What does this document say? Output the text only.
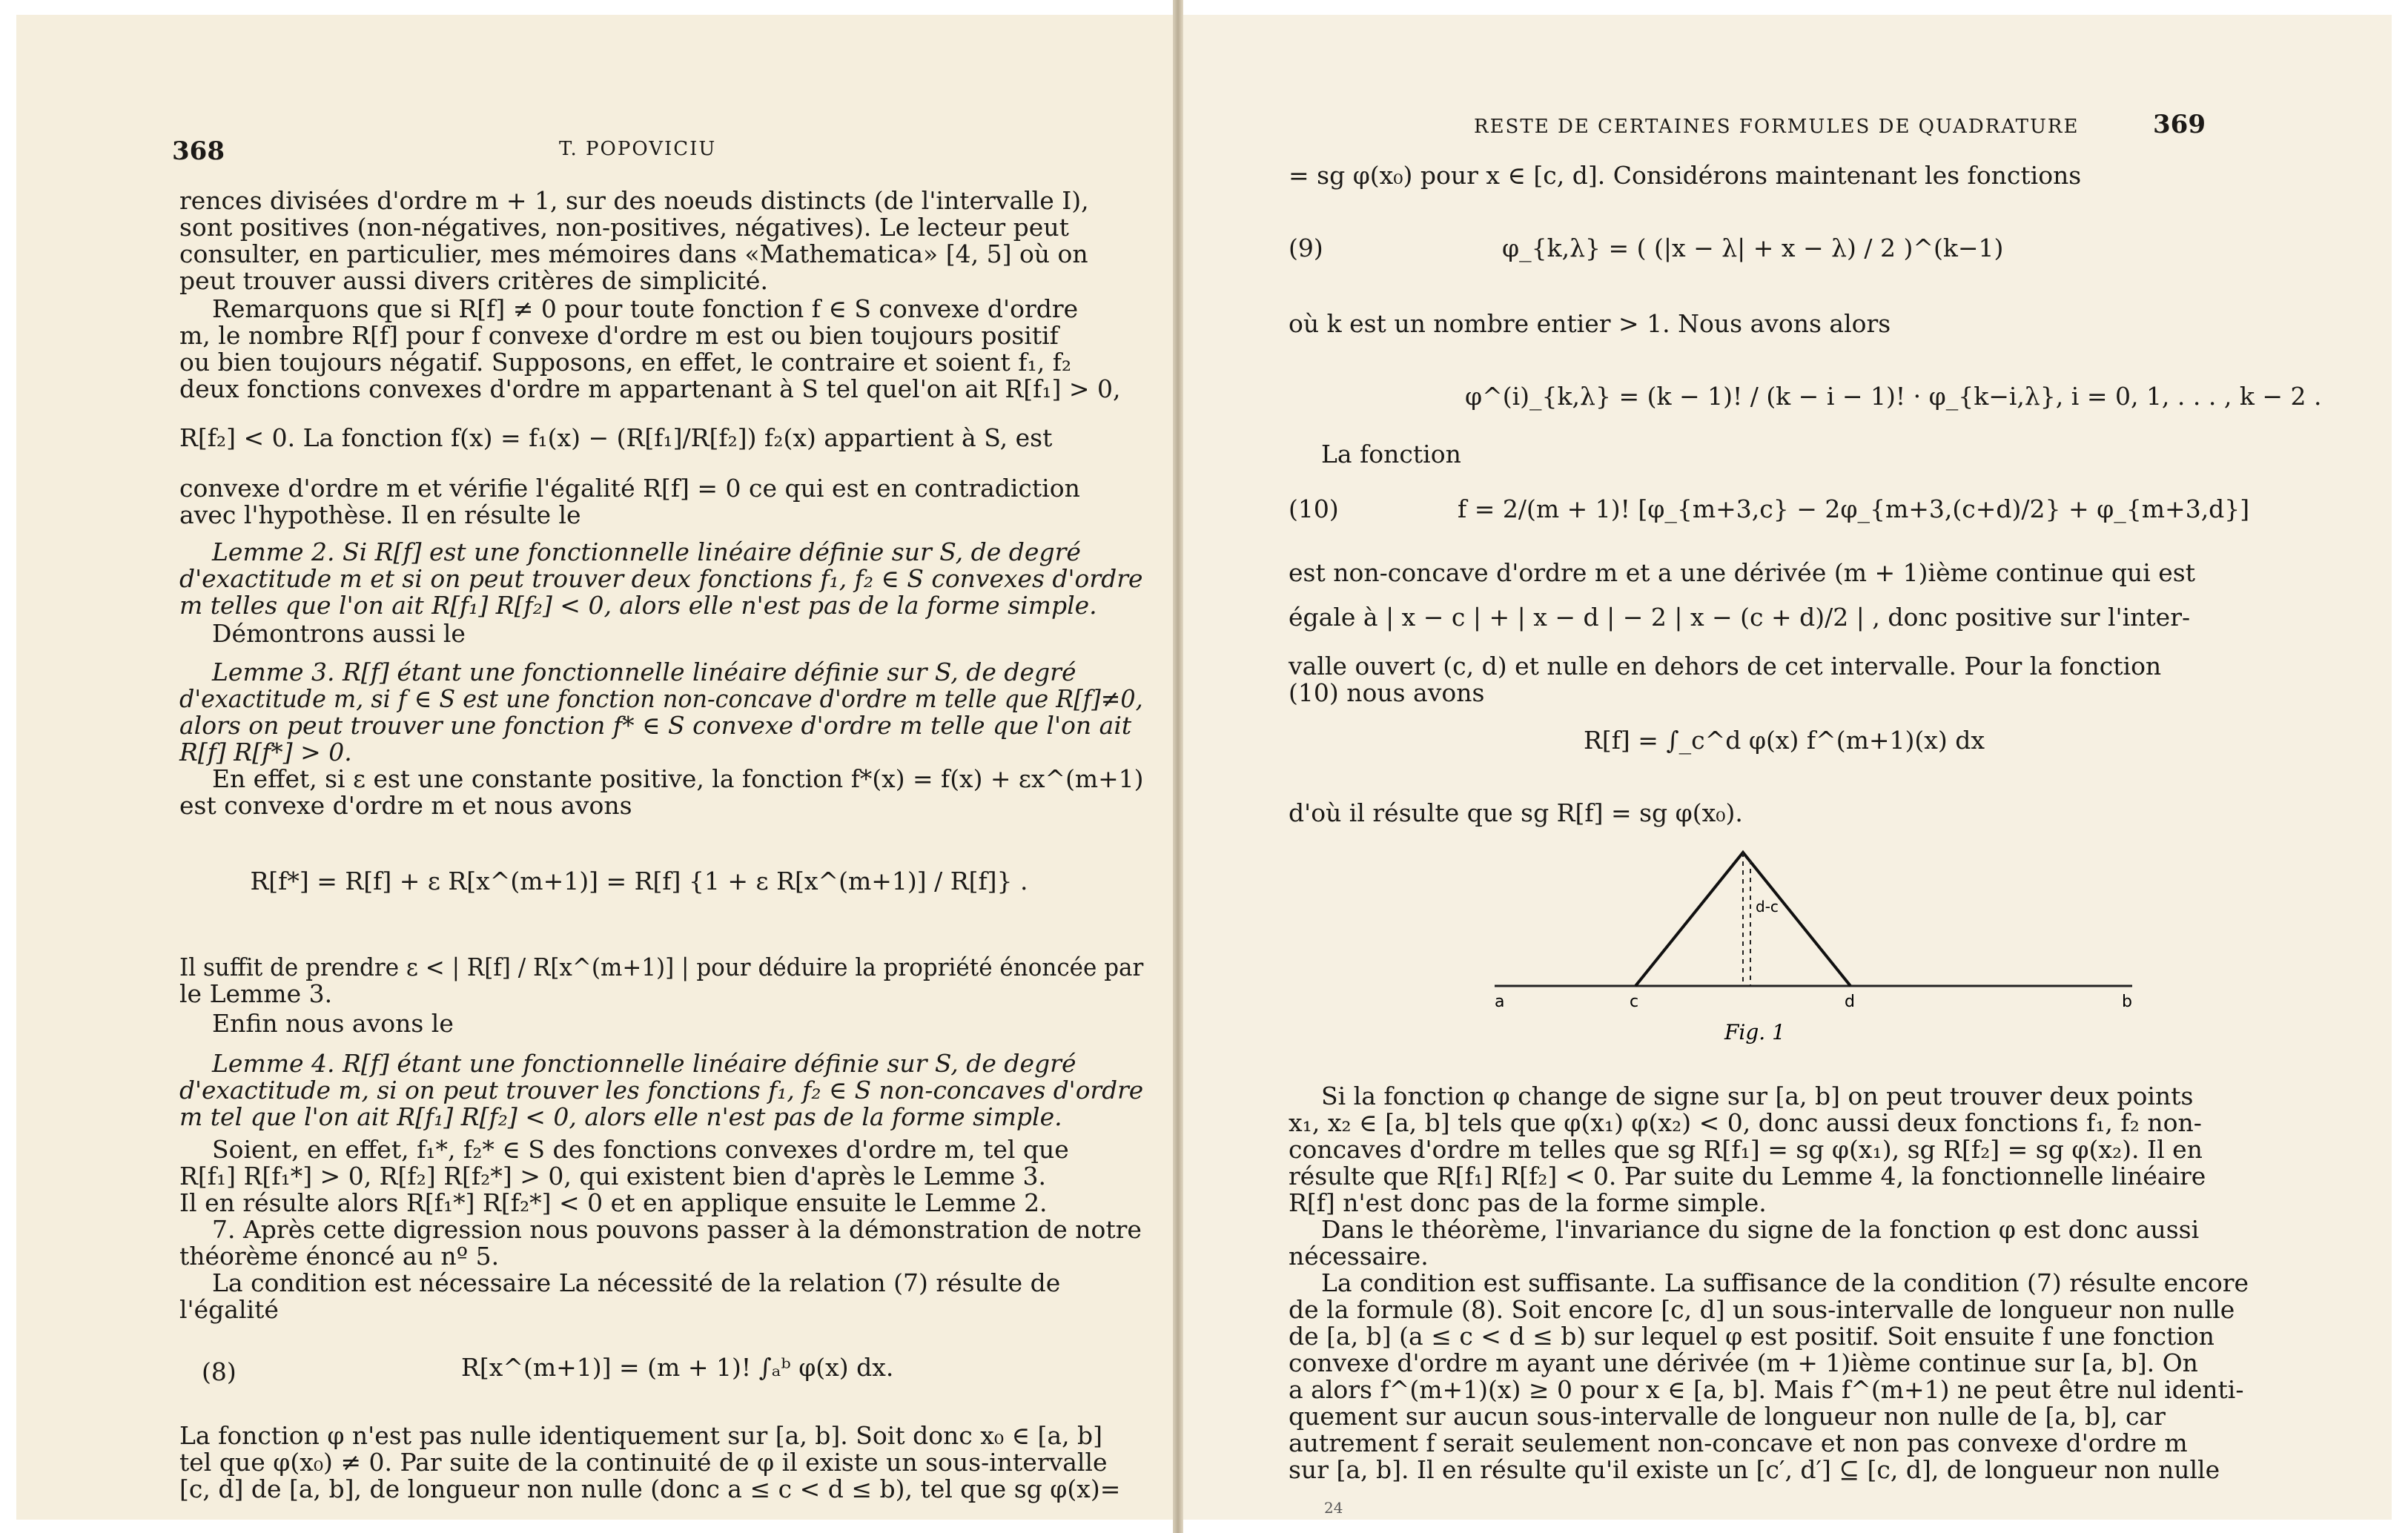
368	T. POPOVICIU
rences divisées d'ordre m + 1, sur des noeuds distincts (de l'intervalle I),
sont positives (non-négatives, non-positives, négatives). Le lecteur peut
consulter, en particulier, mes mémoires dans «Mathematica» [4, 5] où on
peut trouver aussi divers critères de simplicité.
Remarquons que si R[f] ≠ 0 pour toute fonction f ∈ S convexe d'ordre
m, le nombre R[f] pour f convexe d'ordre m est ou bien toujours positif
ou bien toujours négatif. Supposons, en effet, le contraire et soient f₁, f₂
deux fonctions convexes d'ordre m appartenant à S tel quel'on ait R[f₁] > 0,
R[f₂] < 0. La fonction f(x) = f₁(x) − (R[f₁]/R[f₂]) f₂(x) appartient à S, est
convexe d'ordre m et vérifie l'égalité R[f] = 0 ce qui est en contradiction
avec l'hypothèse. Il en résulte le
Lemme 2. Si R[f] est une fonctionnelle linéaire définie sur S, de degré
d'exactitude m et si on peut trouver deux fonctions f₁, f₂ ∈ S convexes d'ordre
m telles que l'on ait R[f₁] R[f₂] < 0, alors elle n'est pas de la forme simple.
Démontrons aussi le
Lemme 3. R[f] étant une fonctionnelle linéaire définie sur S, de degré
d'exactitude m, si f ∈ S est une fonction non-concave d'ordre m telle que R[f]≠0,
alors on peut trouver une fonction f* ∈ S convexe d'ordre m telle que l'on ait
R[f] R[f*] > 0.
En effet, si ε est une constante positive, la fonction f*(x) = f(x) + εx^(m+1)
est convexe d'ordre m et nous avons
R[f*] = R[f] + ε R[x^(m+1)] = R[f] {1 + ε R[x^(m+1)] / R[f]} .
Il suffit de prendre ε < | R[f] / R[x^(m+1)] | pour déduire la propriété énoncée par
le Lemme 3.
Enfin nous avons le
Lemme 4. R[f] étant une fonctionnelle linéaire définie sur S, de degré
d'exactitude m, si on peut trouver les fonctions f₁, f₂ ∈ S non-concaves d'ordre
m tel que l'on ait R[f₁] R[f₂] < 0, alors elle n'est pas de la forme simple.
Soient, en effet, f₁*, f₂* ∈ S des fonctions convexes d'ordre m, tel que
R[f₁] R[f₁*] > 0, R[f₂] R[f₂*] > 0, qui existent bien d'après le Lemme 3.
Il en résulte alors R[f₁*] R[f₂*] < 0 et en applique ensuite le Lemme 2.
7. Après cette digression nous pouvons passer à la démonstration de notre
théorème énoncé au nº 5.
La condition est nécessaire La nécessité de la relation (7) résulte de
l'égalité
(8)	R[x^(m+1)] = (m + 1)! ∫ₐᵇ φ(x) dx.
La fonction φ n'est pas nulle identiquement sur [a, b]. Soit donc x₀ ∈ [a, b]
tel que φ(x₀) ≠ 0. Par suite de la continuité de φ il existe un sous-intervalle
[c, d] de [a, b], de longueur non nulle (donc a ≤ c < d ≤ b), tel que sg φ(x)=
RESTE DE CERTAINES FORMULES DE QUADRATURE	369
= sg φ(x₀) pour x ∈ [c, d]. Considérons maintenant les fonctions
(9)	φ_{k,λ} = ( (|x − λ| + x − λ) / 2 )^(k−1)
où k est un nombre entier > 1. Nous avons alors
φ^(i)_{k,λ} = (k − 1)! / (k − i − 1)! · φ_{k−i,λ}, i = 0, 1, . . . , k − 2 .
La fonction
(10)	f = 2/(m + 1)! [φ_{m+3,c} − 2φ_{m+3,(c+d)/2} + φ_{m+3,d}]
est non-concave d'ordre m et a une dérivée (m + 1)ième continue qui est
égale à | x − c | + | x − d | − 2 | x − (c + d)/2 | , donc positive sur l'inter-
valle ouvert (c, d) et nulle en dehors de cet intervalle. Pour la fonction
(10) nous avons
R[f] = ∫_c^d φ(x) f^(m+1)(x) dx
d'où il résulte que sg R[f] = sg φ(x₀).
d-c
a	c	d	b
Fig. 1
Si la fonction φ change de signe sur [a, b] on peut trouver deux points
x₁, x₂ ∈ [a, b] tels que φ(x₁) φ(x₂) < 0, donc aussi deux fonctions f₁, f₂ non-
concaves d'ordre m telles que sg R[f₁] = sg φ(x₁), sg R[f₂] = sg φ(x₂). Il en
résulte que R[f₁] R[f₂] < 0. Par suite du Lemme 4, la fonctionnelle linéaire
R[f] n'est donc pas de la forme simple.
Dans le théorème, l'invariance du signe de la fonction φ est donc aussi
nécessaire.
La condition est suffisante. La suffisance de la condition (7) résulte encore
de la formule (8). Soit encore [c, d] un sous-intervalle de longueur non nulle
de [a, b] (a ≤ c < d ≤ b) sur lequel φ est positif. Soit ensuite f une fonction
convexe d'ordre m ayant une dérivée (m + 1)ième continue sur [a, b]. On
a alors f^(m+1)(x) ≥ 0 pour x ∈ [a, b]. Mais f^(m+1) ne peut être nul identi-
quement sur aucun sous-intervalle de longueur non nulle de [a, b], car
autrement f serait seulement non-concave et non pas convexe d'ordre m
sur [a, b]. Il en résulte qu'il existe un [c′, d′] ⊆ [c, d], de longueur non nulle
24
